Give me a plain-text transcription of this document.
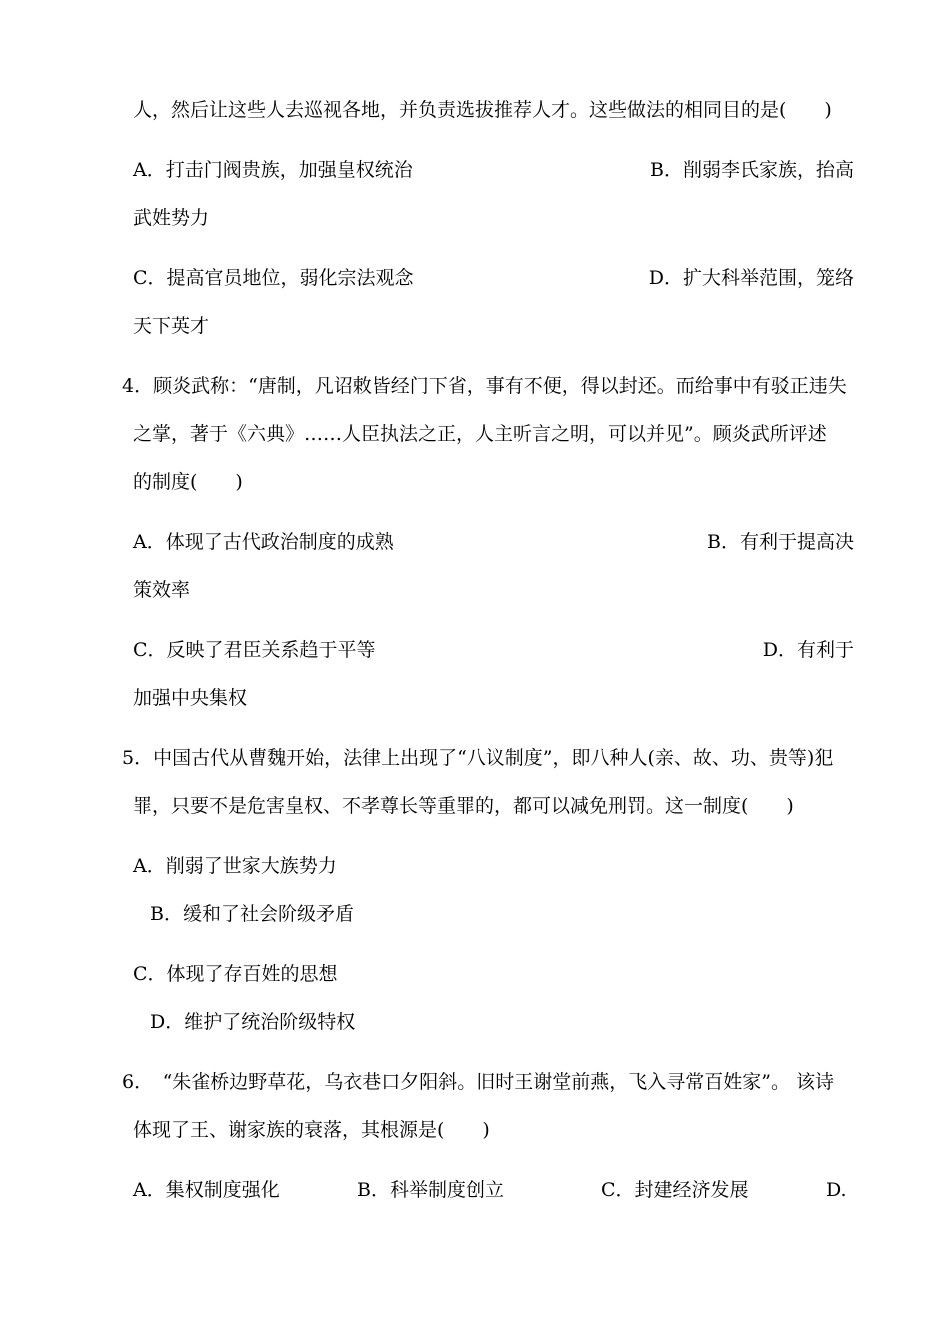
人，然后让这些人去巡视各地，并负责选拔推荐人才。这些做法的相同目的是(　　)
A．打击门阀贵族，加强皇权统治	B．削弱李氏家族，抬高
武姓势力
C．提高官员地位，弱化宗法观念	D．扩大科举范围，笼络
天下英才
4．顾炎武称：“唐制，凡诏敕皆经门下省，事有不便，得以封还。而给事中有驳正违失
之掌，著于《六典》……人臣执法之正，人主听言之明，可以并见”。顾炎武所评述
的制度(　　)
A．体现了古代政治制度的成熟	B．有利于提高决
策效率
C．反映了君臣关系趋于平等	D．有利于
加强中央集权
5．中国古代从曹魏开始，法律上出现了“八议制度”，即八种人(亲、故、功、贵等)犯
罪，只要不是危害皇权、不孝尊长等重罪的，都可以减免刑罚。这一制度(　　)
A．削弱了世家大族势力
B．缓和了社会阶级矛盾
C．体现了存百姓的思想
D．维护了统治阶级特权
6．　“朱雀桥边野草花，乌衣巷口夕阳斜。旧时王谢堂前燕，飞入寻常百姓家”。 该诗
体现了王、谢家族的衰落，其根源是(　　)
A．集权制度强化	B．科举制度创立	C．封建经济发展	D.
